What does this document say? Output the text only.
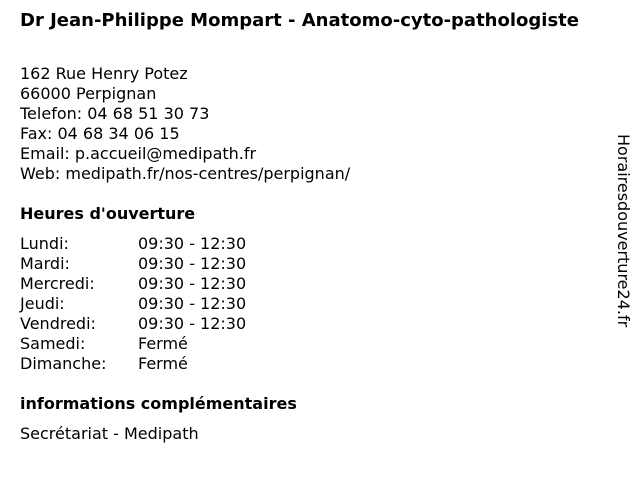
Dr Jean-Philippe Mompart - Anatomo-cyto-pathologiste
162 Rue Henry Potez
66000 Perpignan
Telefon: 04 68 51 30 73
Fax: 04 68 34 06 15
Email: p.accueil@medipath.fr
Web: medipath.fr/nos-centres/perpignan/
Heures d'ouverture
Lundi:	09:30 - 12:30
Mardi:	09:30 - 12:30
Mercredi:	09:30 - 12:30
Jeudi:	09:30 - 12:30
Vendredi:	09:30 - 12:30
Samedi:	Fermé
Dimanche: Fermé
informations complémentaires
Secrétariat - Medipath
Horairesdouverture24.fr
